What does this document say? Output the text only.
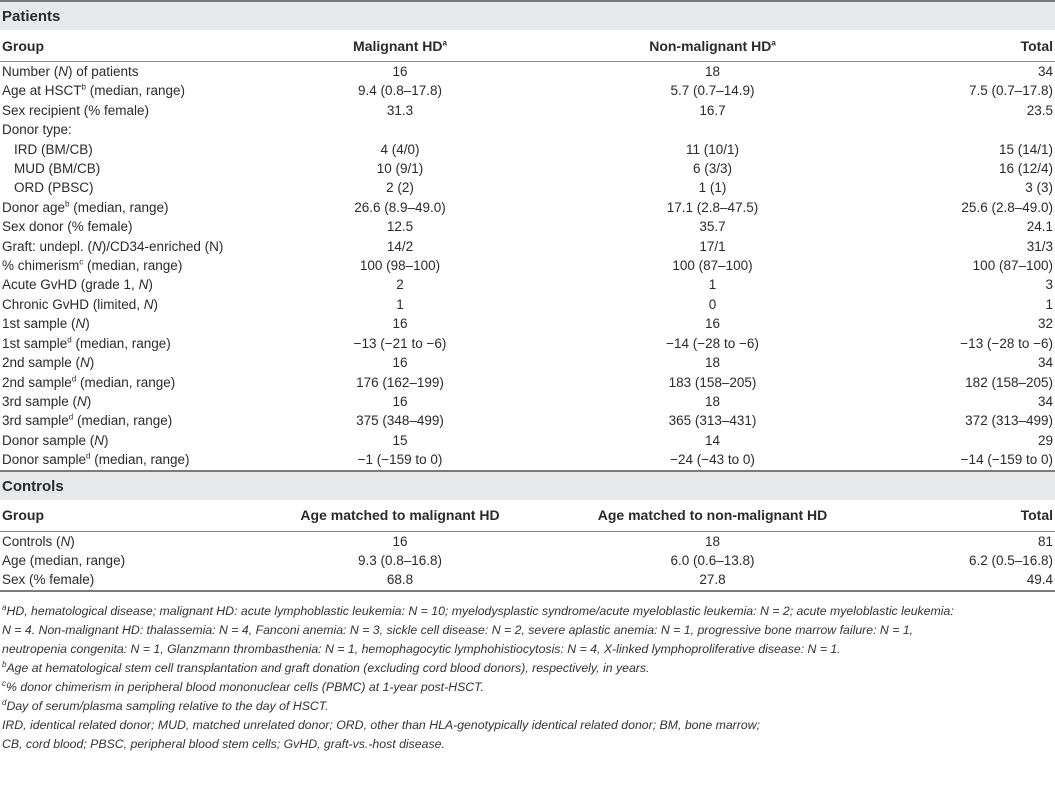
Patients
Group	Malignant $HD^a$	Non-malignant $HD^a$	Total
Number (N) of patients	16	18	34
Age at HSCT$^b$ (median, range)	9.4 (0.8–17.8)	5.7 (0.7–14.9)	7.5 (0.7–17.8)
Sex recipient (% female)	31.3	16.7	23.5
Donor type:			
IRD (BM/CB)	4 (4/0)	11 (10/1)	15 (14/1)
MUD (BM/CB)	10 (9/1)	6 (3/3)	16 (12/4)
ORD (PBSC)	2 (2)	1 (1)	3 (3)
Donor age$^b$ (median, range)	26.6 (8.9–49.0)	17.1 (2.8–47.5)	25.6 (2.8–49.0)
Sex donor (% female)	12.5	35.7	24.1
Graft: undepl. (N)/CD34-enriched (N)	14/2	17/1	31/3
% chimerism$^c$ (median, range)	100 (98–100)	100 (87–100)	100 (87–100)
Acute GvHD (grade 1, N)	2	1	3
Chronic GvHD (limited, N)	1	0	1
1st sample (N)	16	16	32
1st sample$^d$ (median, range)	−13 (−21 to −6)	−14 (−28 to −6)	−13 (−28 to −6)
2nd sample (N)	16	18	34
2nd sample$^d$ (median, range)	176 (162–199)	183 (158–205)	182 (158–205)
3rd sample (N)	16	18	34
3rd sample$^d$ (median, range)	375 (348–499)	365 (313–431)	372 (313–499)
Donor sample (N)	15	14	29
Donor sample$^d$ (median, range)	−1 (−159 to 0)	−24 (−43 to 0)	−14 (−159 to 0)
Controls
Group	Age matched to malignant HD	Age matched to non-malignant HD	Total
Controls (N)	16	18	81
Age (median, range)	9.3 (0.8–16.8)	6.0 (0.6–13.8)	6.2 (0.5–16.8)
Sex (% female)	68.8	27.8	49.4

$^a$HD, hematological disease; malignant HD: acute lymphoblastic leukemia: N = 10; myelodysplastic syndrome/acute myeloblastic leukemia: N = 2; acute myeloblastic leukemia:

N = 4. Non-malignant HD: thalassemia: N = 4, Fanconi anemia: N = 3, sickle cell disease: N = 2, severe aplastic anemia: N = 1, progressive bone marrow failure: N = 1,

neutropenia congenita: N = 1, Glanzmann thrombasthenia: N = 1, hemophagocytic lymphohistiocytosis: N = 4, X-linked lymphoproliferative disease: N = 1.

$^b$Age at hematological stem cell transplantation and graft donation (excluding cord blood donors), respectively, in years.

$^c$% donor chimerism in peripheral blood mononuclear cells (PBMC) at 1-year post-HSCT.

$^d$Day of serum/plasma sampling relative to the day of HSCT.

IRD, identical related donor; MUD, matched unrelated donor; ORD, other than HLA-genotypically identical related donor; BM, bone marrow;

CB, cord blood; PBSC, peripheral blood stem cells; GvHD, graft-vs.-host disease.
